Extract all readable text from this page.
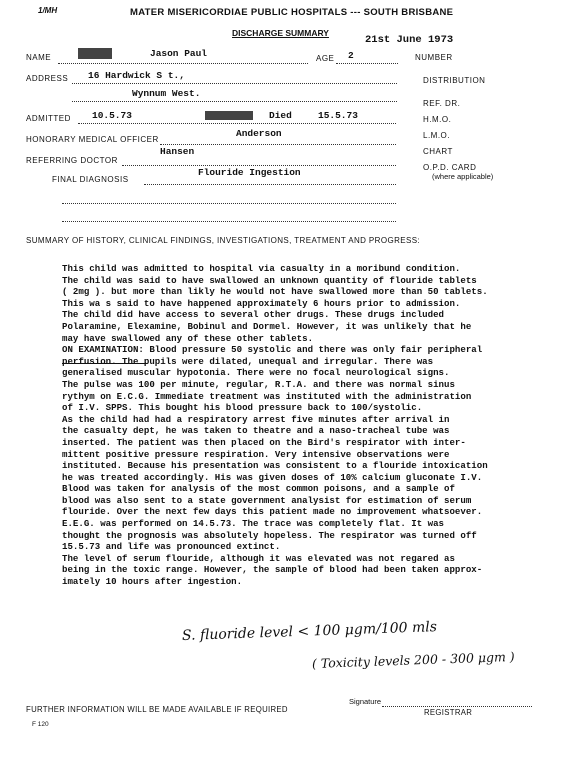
1/MH	MATER MISERICORDIAE PUBLIC HOSPITALS --- SOUTH BRISBANE
DISCHARGE SUMMARY
21st June 1973
NAME	Jason Paul	AGE 2	NUMBER
ADDRESS 16 Hardwick S t.,
Wynnum West.
DISTRIBUTION
REF. DR.
H.M.O.
L.M.O.
CHART
O.P.D. CARD
(where applicable)
ADMITTED 10.5.73	Died	15.5.73
HONORARY MEDICAL OFFICER
Anderson
REFERRING DOCTOR
Hansen
FINAL DIAGNOSIS
Flouride Ingestion
SUMMARY OF HISTORY, CLINICAL FINDINGS, INVESTIGATIONS, TREATMENT AND PROGRESS:
This child was admitted to hospital via casualty in a moribund condition.
The child was said to have swallowed an unknown quantity of flouride tablets
( 2mg ). but more than likly he would not have swallowed more than 50 tablets.
This wa s said to have happened approximately 6 hours prior to admission.
The child did have access to several other drugs. These drugs included
Polaramine, Elexamine, Bobinul and Dormel. However, it was unlikely that he
may have swallowed any of these other tablets.
ON EXAMINATION: Blood pressure 50 systolic and there was only fair peripheral
perfusion. The pupils were dilated, unequal and irregular. There was
generalised muscular hypotonia. There were no focal neurological signs.
The pulse was 100 per minute, regular, R.T.A. and there was normal sinus
rythym on E.C.G. Immediate treatment was instituted with the administration
of I.V. SPPS. This bought his blood pressure back to 100/systolic.
As the child had had a respiratory arrest five minutes after arrival in
the casualty dept, he was taken to theatre and a naso-tracheal tube was
inserted. The patient was then placed on the Bird's respirator with inter-
mittent positive pressure respiration. Very intensive observations were
instituted. Because his presentation was consistent to a flouride intoxication
he was treated accordingly. His was given doses of 10% calcium gluconate I.V.
Blood was taken for analysis of the most common poisons, and a sample of
blood was also sent to a state government analysist for estimation of serum
flouride. Over the next few days this patient made no improvement whatsoever.
E.E.G. was performed on 14.5.73. The trace was completely flat. It was
thought the prognosis was absolutely hopeless. The respirator was turned off
15.5.73 and life was pronounced extinct.
The level of serum flouride, although it was elevated was not regared as
being in the toxic range. However, the sample of blood had been taken approx-
imately 10 hours after ingestion.
S. fluoride level < 100 μgm/100 mls
( Toxicity levels 200 - 300 μgm )
FURTHER INFORMATION WILL BE MADE AVAILABLE IF REQUIRED
Signature
REGISTRAR
F 120
